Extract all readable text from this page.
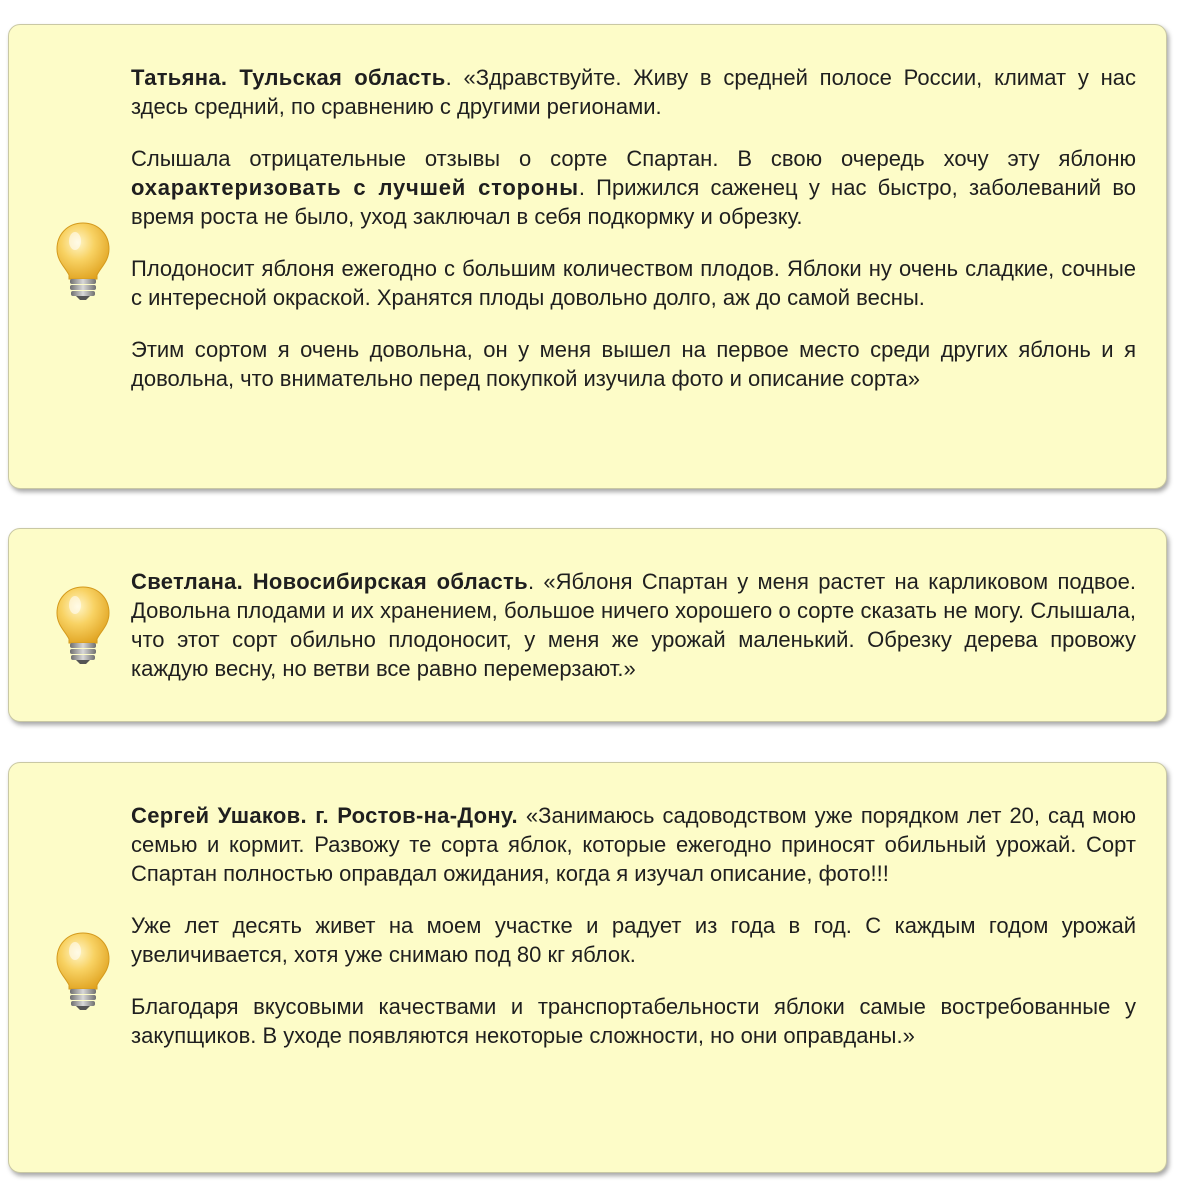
Татьяна. Тульская область. «Здравствуйте. Живу в средней полосе России, климат у нас здесь средний, по сравнению с другими регионами.

Слышала отрицательные отзывы о сорте Спартан. В свою очередь хочу эту яблоню охарактеризовать с лучшей стороны. Прижился саженец у нас быстро, заболеваний во время роста не было, уход заключал в себя подкормку и обрезку.

Плодоносит яблоня ежегодно с большим количеством плодов. Яблоки ну очень сладкие, сочные с интересной окраской. Хранятся плоды довольно долго, аж до самой весны.

Этим сортом я очень довольна, он у меня вышел на первое место среди других яблонь и я довольна, что внимательно перед покупкой изучила фото и описание сорта»

Светлана. Новосибирская область. «Яблоня Спартан у меня растет на карликовом подвое. Довольна плодами и их хранением, большое ничего хорошего о сорте сказать не могу. Слышала, что этот сорт обильно плодоносит, у меня же урожай маленький. Обрезку дерева провожу каждую весну, но ветви все равно перемерзают.»

Сергей Ушаков. г. Ростов-на-Дону. «Занимаюсь садоводством уже порядком лет 20, сад мою семью и кормит. Развожу те сорта яблок, которые ежегодно приносят обильный урожай. Сорт Спартан полностью оправдал ожидания, когда я изучал описание, фото!!!

Уже лет десять живет на моем участке и радует из года в год. С каждым годом урожай увеличивается, хотя уже снимаю под 80 кг яблок.

Благодаря вкусовыми качествами и транспортабельности яблоки самые востребованные у закупщиков. В уходе появляются некоторые сложности, но они оправданы.»
